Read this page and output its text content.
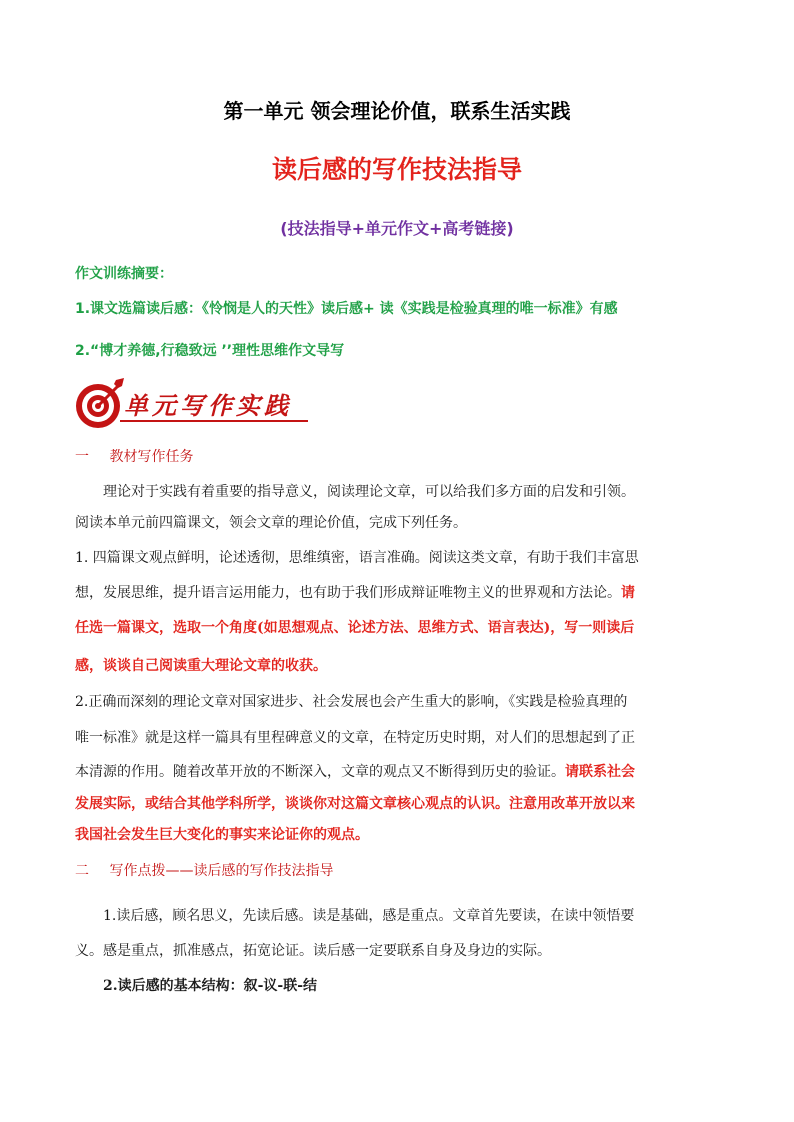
第一单元 领会理论价值，联系生活实践
读后感的写作技法指导
(技法指导+单元作文+高考链接)
作文训练摘要：
1.课文选篇读后感：《怜悯是人的天性》读后感+ 读《实践是检验真理的唯一标准》有感
2.“博才养德,行稳致远 ’’理性思维作文导写
单元写作实践
一 教材写作任务
理论对于实践有着重要的指导意义，阅读理论文章，可以给我们多方面的启发和引领。
阅读本单元前四篇课文，领会文章的理论价值，完成下列任务。
1. 四篇课文观点鲜明，论述透彻，思维缜密，语言准确。阅读这类文章，有助于我们丰富思
想，发展思维，提升语言运用能力，也有助于我们形成辩证唯物主义的世界观和方法论。请
任选一篇课文，选取一个角度(如思想观点、论述方法、思维方式、语言表达)，写一则读后
感，谈谈自己阅读重大理论文章的收获。
2.正确而深刻的理论文章对国家进步、社会发展也会产生重大的影响，《实践是检验真理的
唯一标准》就是这样一篇具有里程碑意义的文章，在特定历史时期，对人们的思想起到了正
本清源的作用。随着改革开放的不断深入，文章的观点又不断得到历史的验证。请联系社会
发展实际，或结合其他学科所学，谈谈你对这篇文章核心观点的认识。注意用改革开放以来
我国社会发生巨大变化的事实来论证你的观点。
二 写作点拨——读后感的写作技法指导
1.读后感，顾名思义，先读后感。读是基础，感是重点。文章首先要读，在读中领悟要
义。感是重点，抓准感点，拓宽论证。读后感一定要联系自身及身边的实际。
2.读后感的基本结构：叙-议-联-结
